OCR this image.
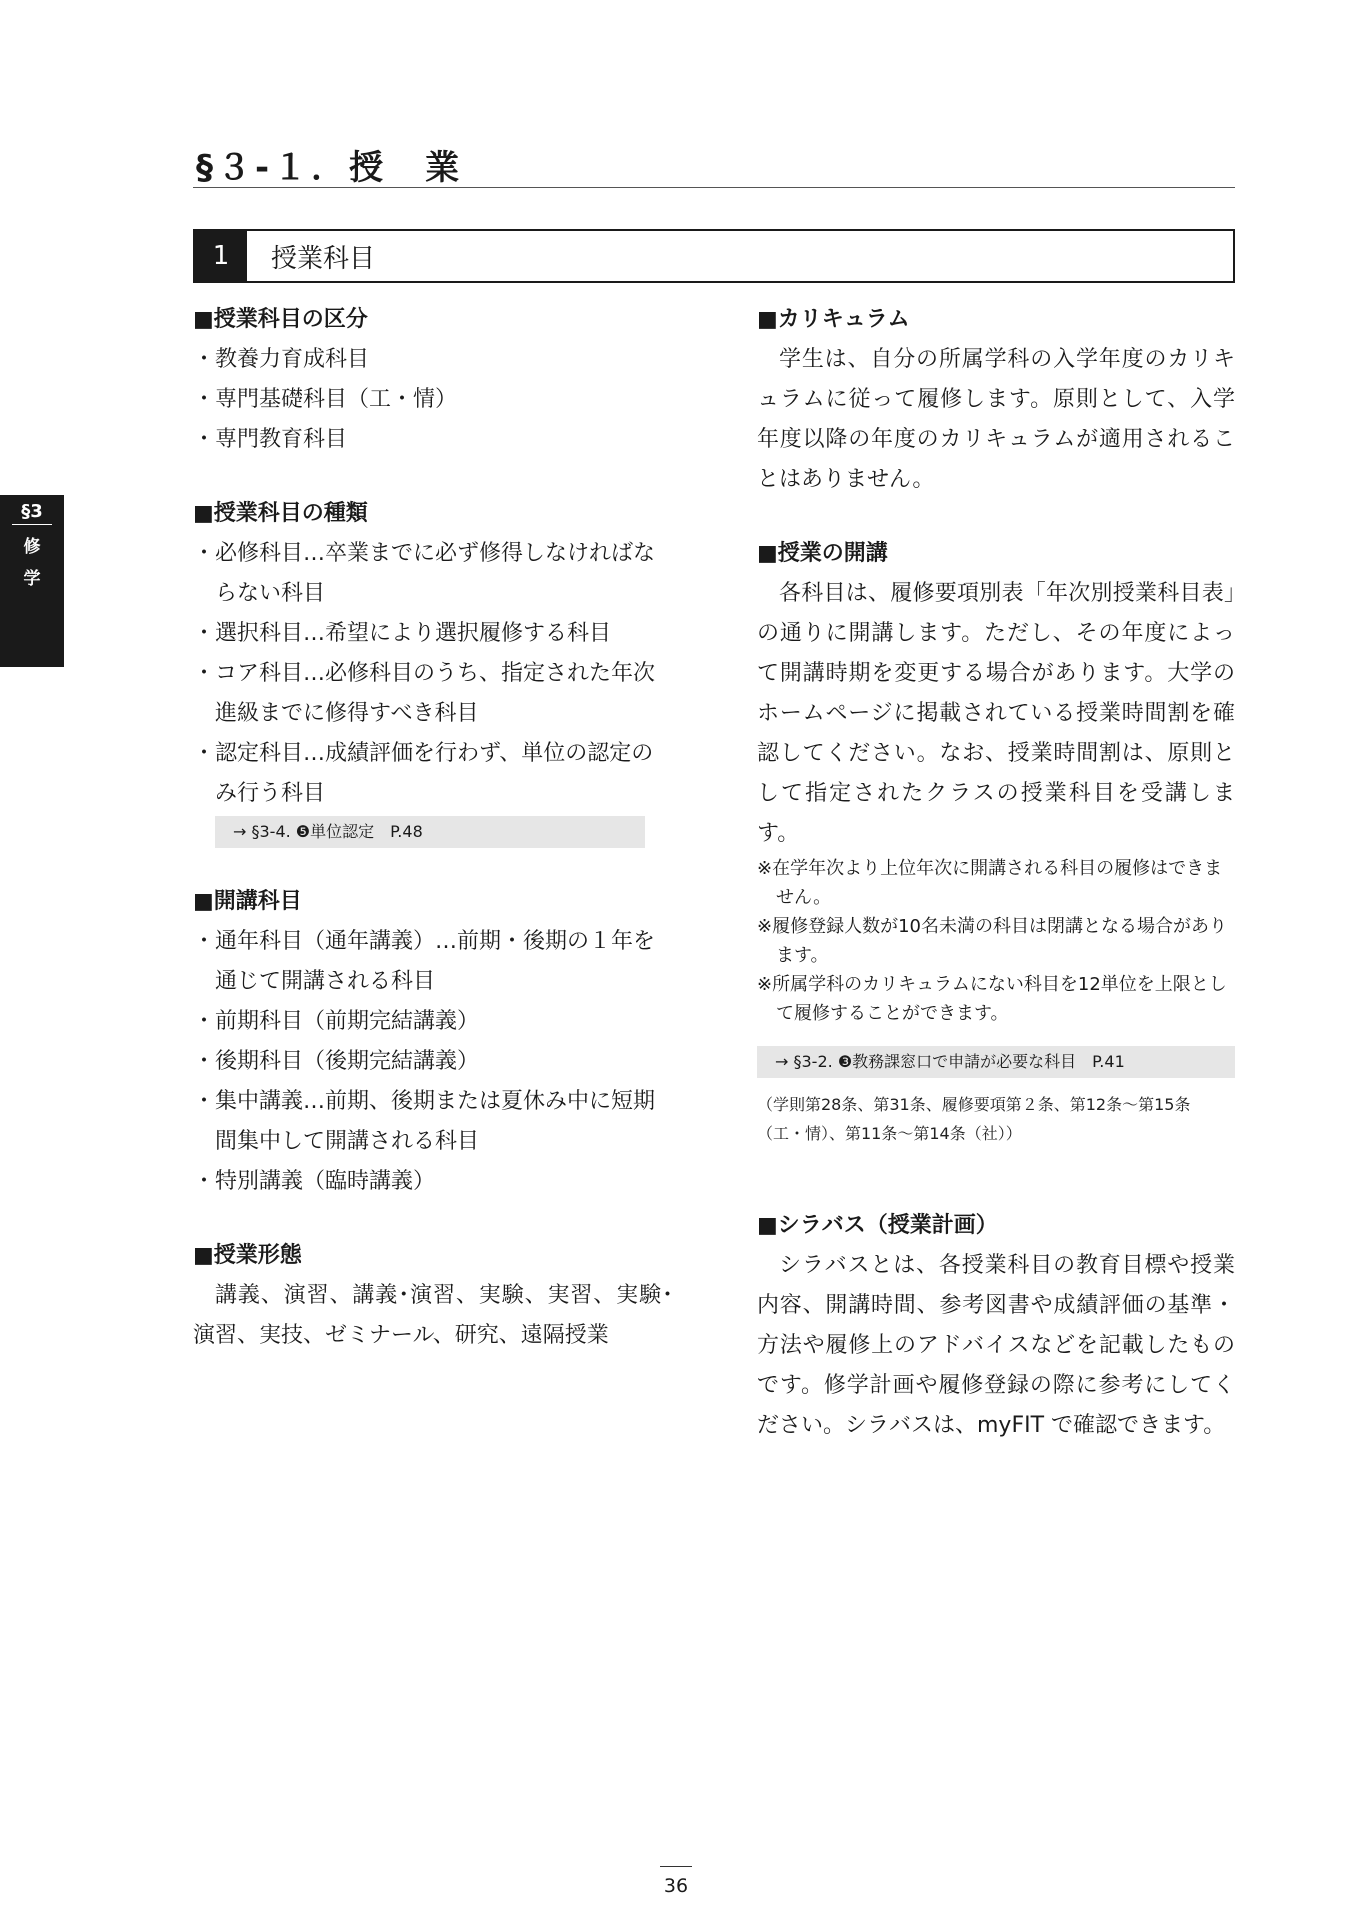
§３‑１．授　業
§3
修
学
1	授業科目
■授業科目の区分
・教養力育成科目
・専門基礎科目（工・情）
・専門教育科目
■授業科目の種類
・必修科目…卒業までに必ず修得しなければならない科目
・選択科目…希望により選択履修する科目
・コア科目…必修科目のうち、指定された年次進級までに修得すべき科目
・認定科目…成績評価を行わず、単位の認定のみ行う科目
→ §3‑4. ❺単位認定　P.48
■開講科目
・通年科目（通年講義）…前期・後期の１年を通じて開講される科目
・前期科目（前期完結講義）
・後期科目（後期完結講義）
・集中講義…前期、後期または夏休み中に短期間集中して開講される科目
・特別講義（臨時講義）
■授業形態

講義、演習、講義･演習、実験、実習、実験･演習、実技、ゼミナール、研究、遠隔授業

■カリキュラム

学生は、自分の所属学科の入学年度のカリキュラムに従って履修します。原則として、入学年度以降の年度のカリキュラムが適用されることはありません。

■授業の開講

各科目は、履修要項別表「年次別授業科目表」の通りに開講します。ただし、その年度によって開講時期を変更する場合があります。大学のホームページに掲載されている授業時間割を確認してください。なお、授業時間割は、原則として指定されたクラスの授業科目を受講します。

※在学年次より上位年次に開講される科目の履修はできません。

※履修登録人数が10名未満の科目は閉講となる場合があります。

※所属学科のカリキュラムにない科目を12単位を上限として履修することができます。

→ §3‑2. ❸教務課窓口で申請が必要な科目　P.41

（学則第28条、第31条、履修要項第２条、第12条～第15条（工・情）、第11条～第14条（社））

■シラバス（授業計画）

シラバスとは、各授業科目の教育目標や授業内容、開講時間、参考図書や成績評価の基準・方法や履修上のアドバイスなどを記載したものです。修学計画や履修登録の際に参考にしてください。シラバスは、myFIT で確認できます。

36
